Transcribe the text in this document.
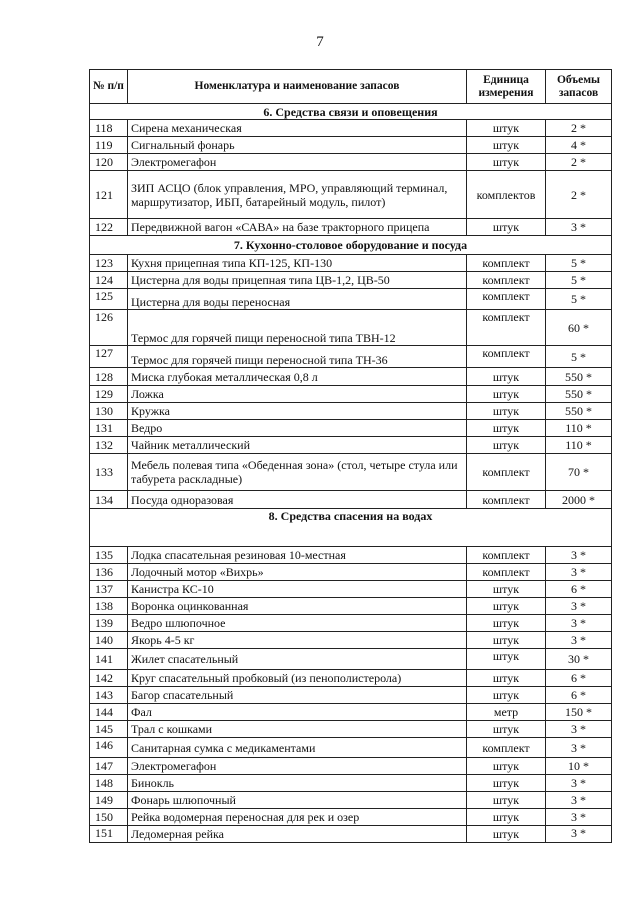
7
№ п/п	Номенклатура и наименование запасов	Единица измерения	Объемы запасов
6. Средства связи и оповещения			
118	Сирена механическая	штук	2 *
119	Сигнальный фонарь	штук	4 *
120	Электромегафон	штук	2 *
121	ЗИП АСЦО (блок управления, МРО, управляющий терминал, маршрутизатор, ИБП, батарейный модуль, пилот)	комплектов	2 *
122	Передвижной вагон «САВА» на базе тракторного прицепа	штук	3 *
7. Кухонно-столовое оборудование и посуда			
123	Кухня прицепная типа КП-125, КП-130	комплект	5 *
124	Цистерна для воды прицепная типа ЦВ-1,2, ЦВ-50	комплект	5 *
125	Цистерна для воды переносная	комплект	5 *
126	Термос для горячей пищи переносной типа ТВН-12	комплект	60 *
127	Термос для горячей пищи переносной типа ТН-36	комплект	5 *
128	Миска глубокая металлическая 0,8 л	штук	550 *
129	Ложка	штук	550 *
130	Кружка	штук	550 *
131	Ведро	штук	110 *
132	Чайник металлический	штук	110 *
133	Мебель полевая типа «Обеденная зона» (стол, четыре стула или табурета раскладные)	комплект	70 *
134	Посуда одноразовая	комплект	2000 *
8. Средства спасения на водах			
135	Лодка спасательная резиновая 10-местная	комплект	3 *
136	Лодочный мотор «Вихрь»	комплект	3 *
137	Канистра КС-10	штук	6 *
138	Воронка оцинкованная	штук	3 *
139	Ведро шлюпочное	штук	3 *
140	Якорь 4-5 кг	штук	3 *
141	Жилет спасательный	штук	30 *
142	Круг спасательный пробковый (из пенополистерола)	штук	6 *
143	Багор спасательный	штук	6 *
144	Фал	метр	150 *
145	Трал с кошками	штук	3 *
146	Санитарная сумка с медикаментами	комплект	3 *
147	Электромегафон	штук	10 *
148	Бинокль	штук	3 *
149	Фонарь шлюпочный	штук	3 *
150	Рейка водомерная переносная для рек и озер	штук	3 *
151	Ледомерная рейка	штук	3 *
